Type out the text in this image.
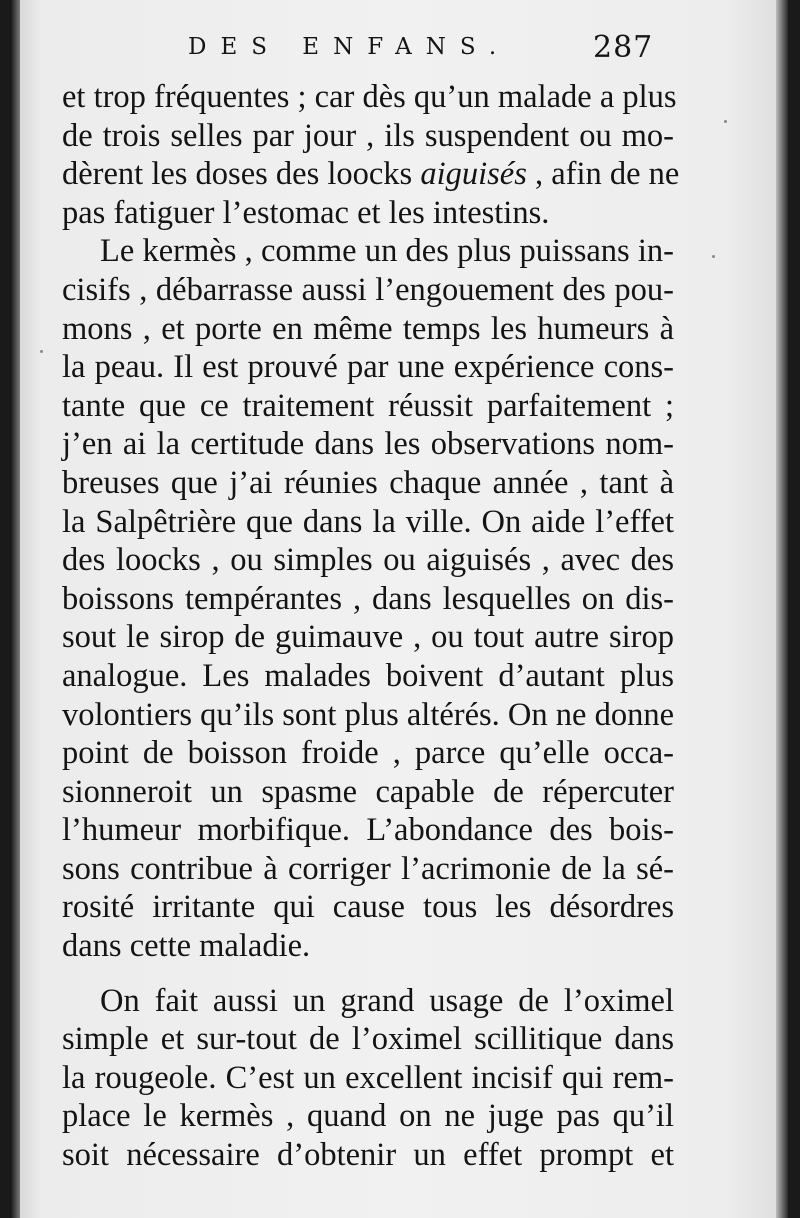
DES ENFANS.	287
et trop fréquentes ; car dès qu’un malade a plus
de trois selles par jour , ils suspendent ou mo-
dèrent les doses des loocks aiguisés , afin de ne
pas fatiguer l’estomac et les intestins.
Le kermès , comme un des plus puissans in-
cisifs , débarrasse aussi l’engouement des pou-
mons , et porte en même temps les humeurs à
la peau. Il est prouvé par une expérience cons-
tante que ce traitement réussit parfaitement ;
j’en ai la certitude dans les observations nom-
breuses que j’ai réunies chaque année , tant à
la Salpêtrière que dans la ville. On aide l’effet
des loocks , ou simples ou aiguisés , avec des
boissons tempérantes , dans lesquelles on dis-
sout le sirop de guimauve , ou tout autre sirop
analogue. Les malades boivent d’autant plus
volontiers qu’ils sont plus altérés. On ne donne
point de boisson froide , parce qu’elle occa-
sionneroit un spasme capable de répercuter
l’humeur morbifique. L’abondance des bois-
sons contribue à corriger l’acrimonie de la sé-
rosité irritante qui cause tous les désordres
dans cette maladie.
On fait aussi un grand usage de l’oximel
simple et sur-tout de l’oximel scillitique dans
la rougeole. C’est un excellent incisif qui rem-
place le kermès , quand on ne juge pas qu’il
soit nécessaire d’obtenir un effet prompt et
